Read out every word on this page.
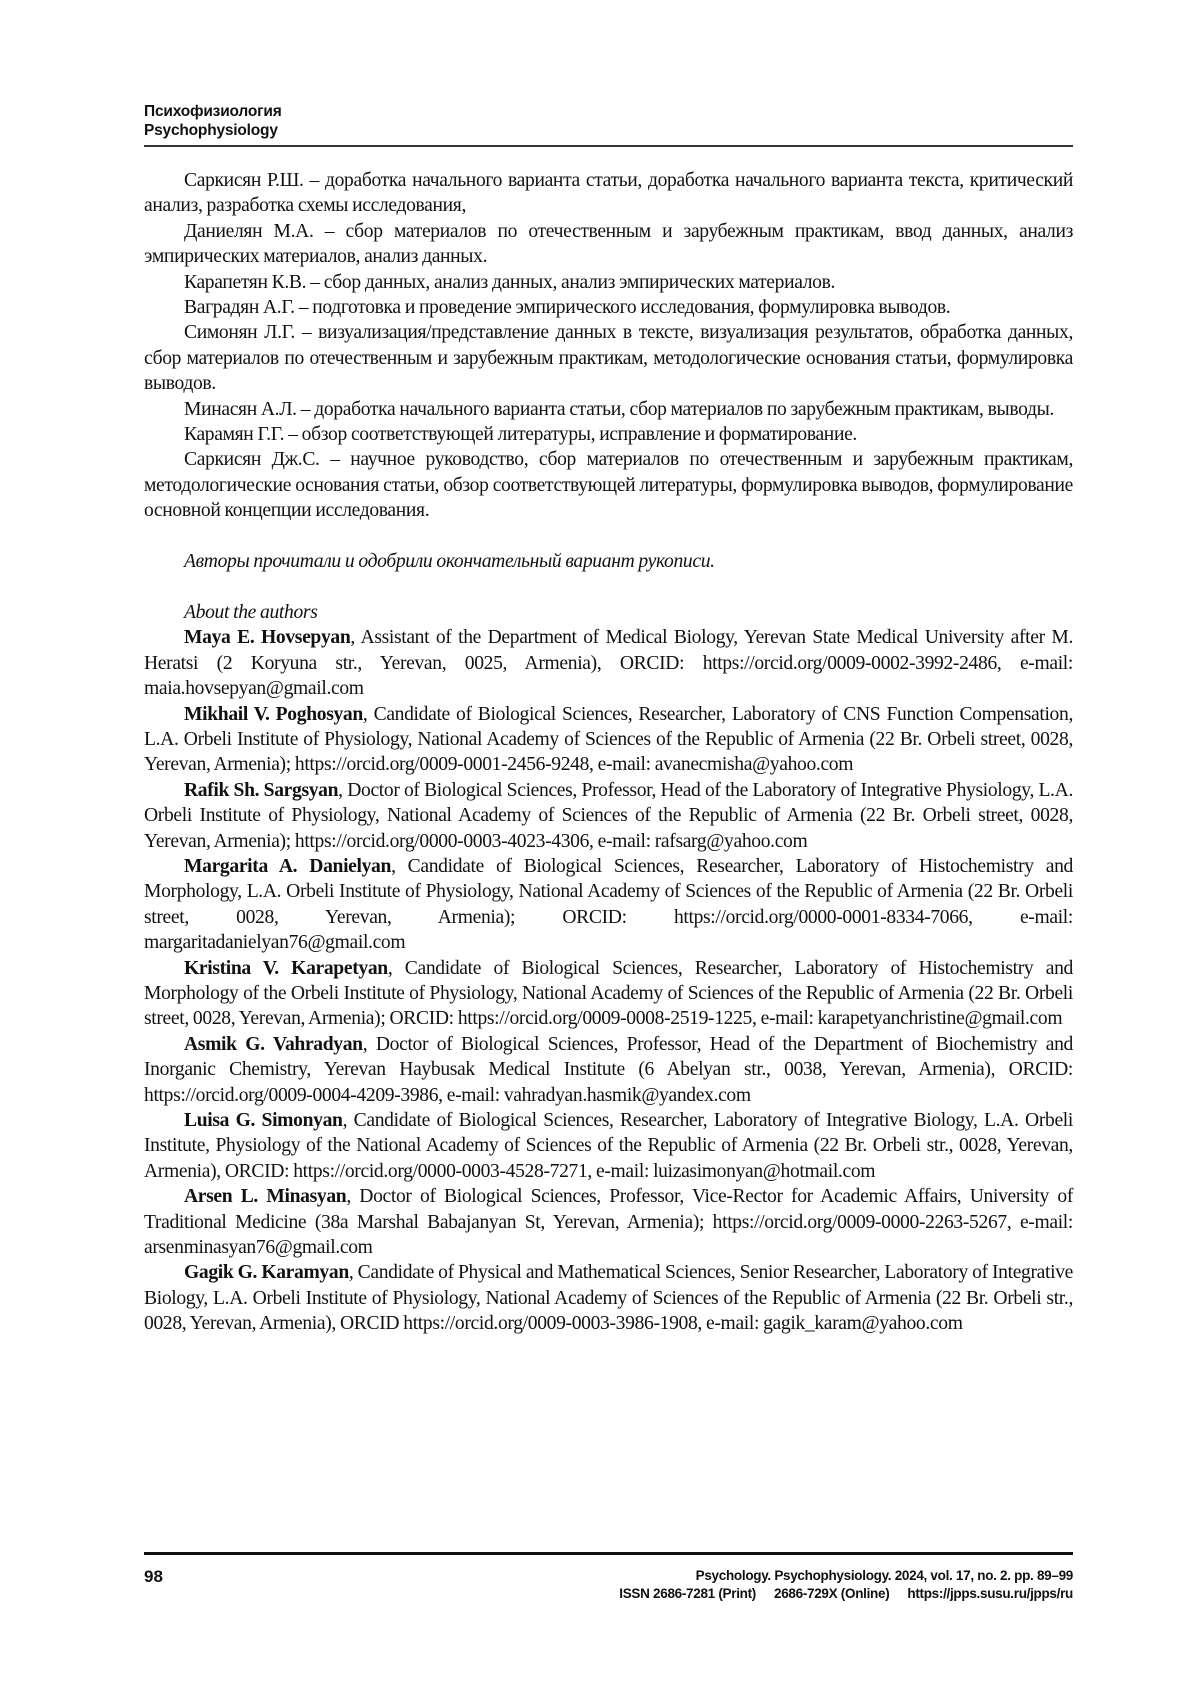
Психофизиология
Psychophysiology

Саркисян Р.Ш. – доработка начального варианта статьи, доработка начального варианта текста, критический анализ, разработка схемы исследования,

Даниелян М.А. – сбор материалов по отечественным и зарубежным практикам, ввод данных, анализ эмпирических материалов, анализ данных.

Карапетян К.В. – сбор данных, анализ данных, анализ эмпирических материалов.

Ваградян А.Г. – подготовка и проведение эмпирического исследования, формулировка выводов.

Симонян Л.Г. – визуализация/представление данных в тексте, визуализация результатов, обработка данных, сбор материалов по отечественным и зарубежным практикам, методологические основания статьи, формулировка выводов.

Минасян А.Л. – доработка начального варианта статьи, сбор материалов по зарубежным практикам, выводы.

Карамян Г.Г. – обзор соответствующей литературы, исправление и форматирование.

Саркисян Дж.С. – научное руководство, сбор материалов по отечественным и зарубежным практикам, методологические основания статьи, обзор соответствующей литературы, формулировка выводов, формулирование основной концепции исследования.

Авторы прочитали и одобрили окончательный вариант рукописи.

About the authors

Maya E. Hovsepyan, Assistant of the Department of Medical Biology, Yerevan State Medical University after M. Heratsi (2 Koryuna str., Yerevan, 0025, Armenia), ORCID: https://orcid.org/0009-0002-3992-2486, e-mail: maia.hovsepyan@gmail.com

Mikhail V. Poghosyan, Candidate of Biological Sciences, Researcher, Laboratory of CNS Function Compensation, L.A. Orbeli Institute of Physiology, National Academy of Sciences of the Republic of Armenia (22 Br. Orbeli street, 0028, Yerevan, Armenia); https://orcid.org/0009-0001-2456-9248, e-mail: avanecmisha@yahoo.com

Rafik Sh. Sargsyan, Doctor of Biological Sciences, Professor, Head of the Laboratory of Integrative Physiology, L.A. Orbeli Institute of Physiology, National Academy of Sciences of the Republic of Armenia (22 Br. Orbeli street, 0028, Yerevan, Armenia); https://orcid.org/0000-0003-4023-4306, e-mail: rafsarg@yahoo.com

Margarita A. Danielyan, Candidate of Biological Sciences, Researcher, Laboratory of Histochemistry and Morphology, L.A. Orbeli Institute of Physiology, National Academy of Sciences of the Republic of Armenia (22 Br. Orbeli street, 0028, Yerevan, Armenia); ORCID: https://orcid.org/0000-0001-8334-7066, e-mail: margaritadanielyan76@gmail.com

Kristina V. Karapetyan, Candidate of Biological Sciences, Researcher, Laboratory of Histochemistry and Morphology of the Orbeli Institute of Physiology, National Academy of Sciences of the Republic of Armenia (22 Br. Orbeli street, 0028, Yerevan, Armenia); ORCID: https://orcid.org/0009-0008-2519-1225, e-mail: karapetyanchristine@gmail.com

Asmik G. Vahradyan, Doctor of Biological Sciences, Professor, Head of the Department of Biochemistry and Inorganic Chemistry, Yerevan Haybusak Medical Institute (6 Abelyan str., 0038, Yerevan, Armenia), ORCID: https://orcid.org/0009-0004-4209-3986, e-mail: vahradyan.hasmik@yandex.com

Luisa G. Simonyan, Candidate of Biological Sciences, Researcher, Laboratory of Integrative Biology, L.A. Orbeli Institute, Physiology of the National Academy of Sciences of the Republic of Armenia (22 Br. Orbeli str., 0028, Yerevan, Armenia), ORCID: https://orcid.org/0000-0003-4528-7271, e-mail: luizasimonyan@hotmail.com

Arsen L. Minasyan, Doctor of Biological Sciences, Professor, Vice-Rector for Academic Affairs, University of Traditional Medicine (38a Marshal Babajanyan St, Yerevan, Armenia); https://orcid.org/0009-0000-2263-5267, e-mail: arsenminasyan76@gmail.com

Gagik G. Karamyan, Candidate of Physical and Mathematical Sciences, Senior Researcher, Laboratory of Integrative Biology, L.A. Orbeli Institute of Physiology, National Academy of Sciences of the Republic of Armenia (22 Br. Orbeli str., 0028, Yerevan, Armenia), ORCID https://orcid.org/0009-0003-3986-1908, e-mail: gagik_karam@yahoo.com

98	Psychology. Psychophysiology. 2024, vol. 17, no. 2. pp. 89–99
ISSN 2686-7281 (Print) 2686-729X (Online) https://jpps.susu.ru/jpps/ru
